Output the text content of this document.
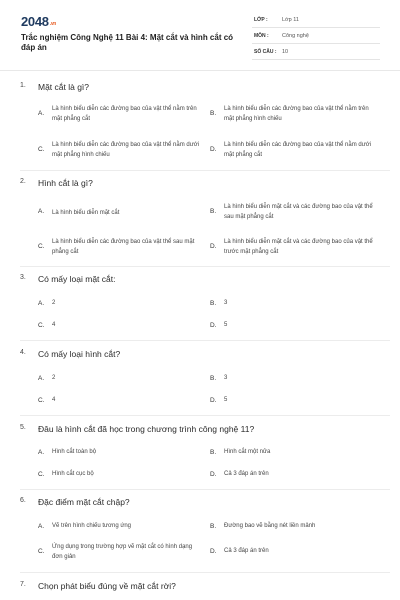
2048.vn
Trắc nghiệm Công Nghệ 11 Bài 4: Mặt cắt và hình cắt có đáp án
LỚP :	Lớp 11
MÔN : Công nghệ
SỐ CÂU : 10
1.	Mặt cắt là gì?
A.
Là hình biểu diễn các đường bao của vật thể nằm trên mặt phẳng cắt
B.
Là hình biểu diễn các đường bao của vật thể nằm trên mặt phẳng hình chiếu
C.
Là hình biểu diễn các đường bao của vật thể nằm dưới mặt phẳng hình chiếu
D.
Là hình biểu diễn các đường bao của vật thể nằm dưới mặt phẳng cắt
2.	Hình cắt là gì?
A. Là hình biểu diễn mặt cắt	B.
Là hình biểu diễn mặt cắt và các đường bao của vật thể sau mặt phẳng cắt
C.
Là hình biểu diễn các đường bao của vật thể sau mặt phẳng cắt
D.
Là hình biểu diễn mặt cắt và các đường bao của vật thể trước mặt phẳng cắt
3.	Có mấy loại mặt cắt:
A. 2	B. 3
C. 4	D. 5
4.	Có mấy loại hình cắt?
A. 2	B. 3
C. 4	D. 5
5.	Đâu là hình cắt đã học trong chương trình công nghệ 11?
A. Hình cắt toàn bộ	B. Hình cắt một nửa
C. Hình cắt cục bộ	D. Cả 3 đáp án trên
6.	Đặc điểm mặt cắt chập?
A. Vẽ trên hình chiếu tương ứng	B. Đường bao vẽ bằng nét liền mảnh
C.
Ứng dụng trong trường hợp vẽ mặt cắt có hình dạng đơn giản
D. Cả 3 đáp án trên
7.	Chọn phát biểu đúng về mặt cắt rời?
